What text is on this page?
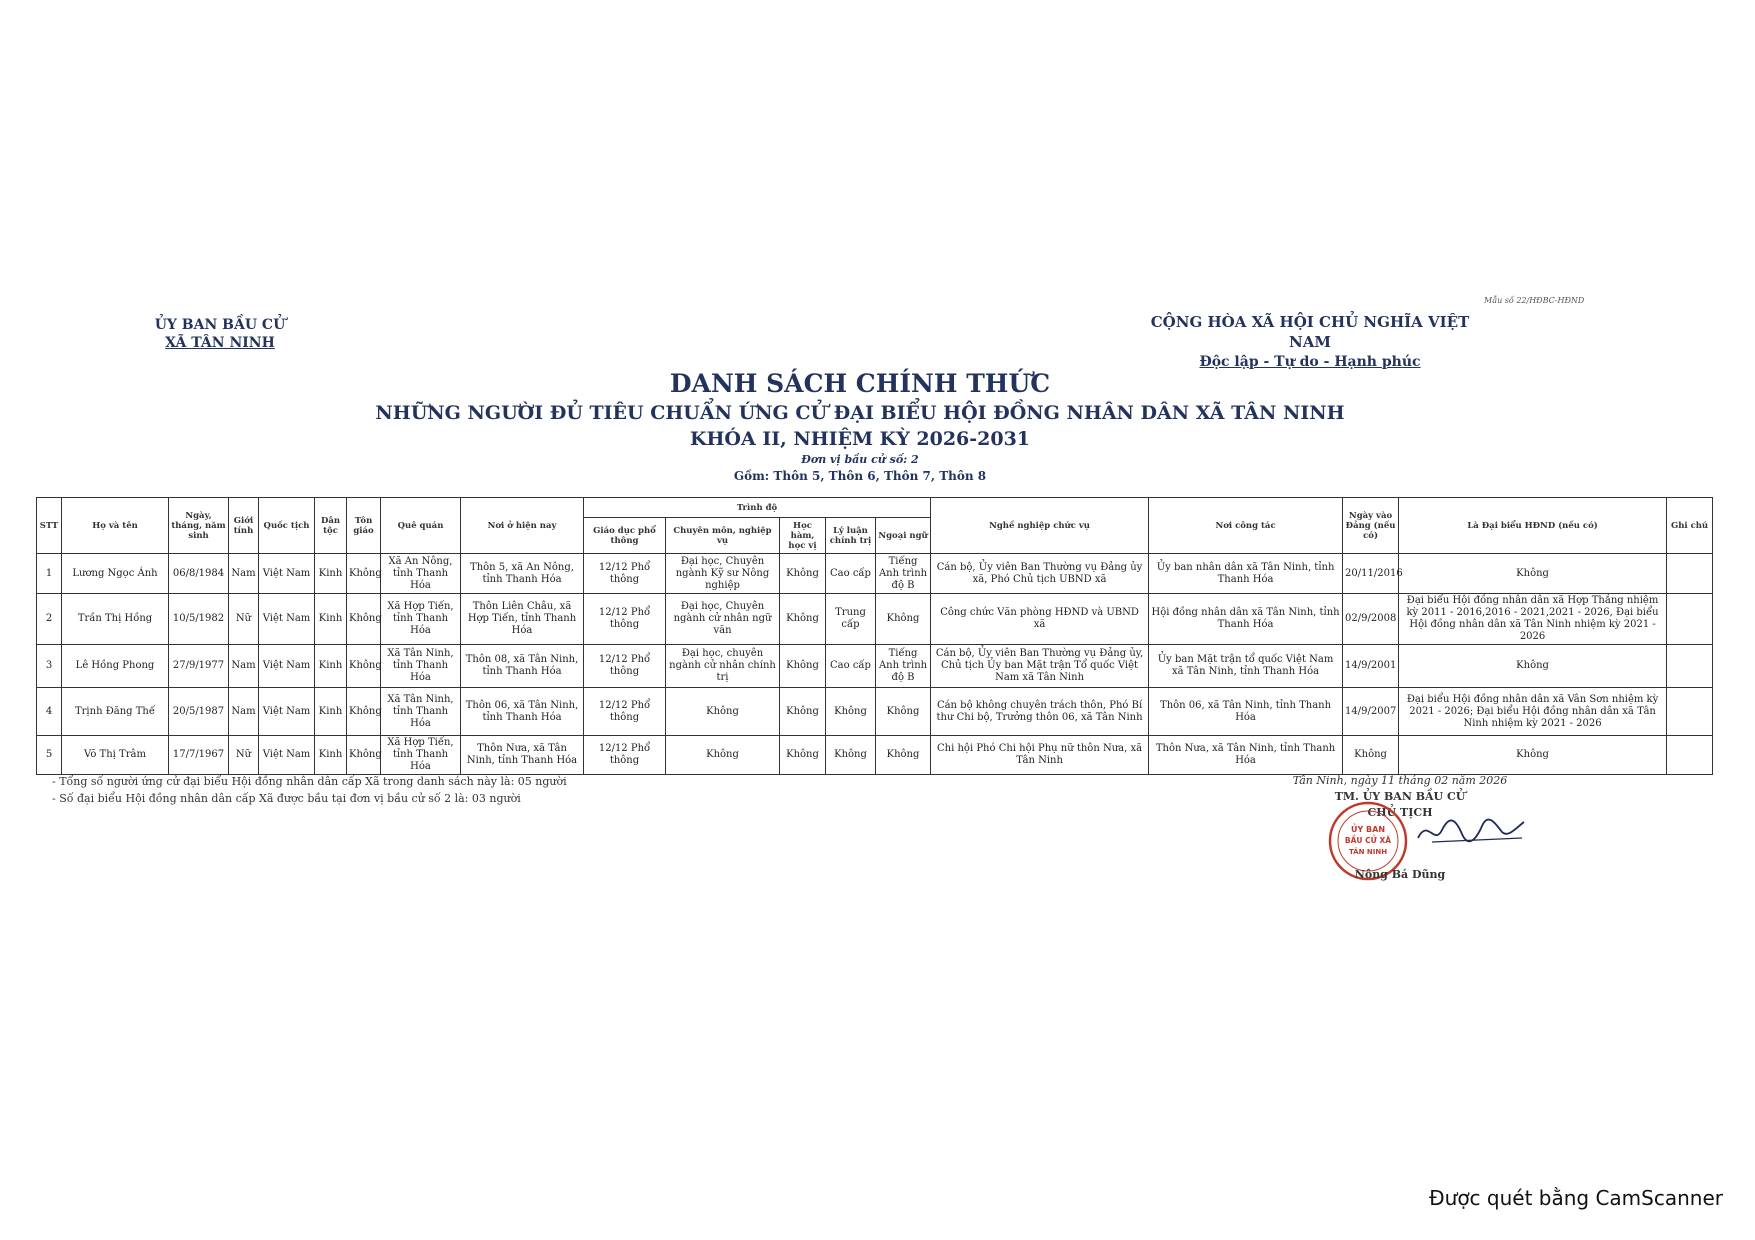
Mẫu số 22/HĐBC-HĐND
ỦY BAN BẦU CỬ
XÃ TÂN NINH
CỘNG HÒA XÃ HỘI CHỦ NGHĨA VIỆT NAM
Độc lập - Tự do - Hạnh phúc
DANH SÁCH CHÍNH THỨC
NHỮNG NGƯỜI ĐỦ TIÊU CHUẨN ỨNG CỬ ĐẠI BIỂU HỘI ĐỒNG NHÂN DÂN XÃ TÂN NINH
KHÓA II, NHIỆM KỲ 2026-2031
Đơn vị bầu cử số: 2
Gồm: Thôn 5, Thôn 6, Thôn 7, Thôn 8
STT	Họ và tên	Ngày, tháng, năm sinh	Giới tính	Quốc tịch	Dân tộc	Tôn giáo	Quê quán	Nơi ở hiện nay	Trình độ					Nghề nghiệp chức vụ	Nơi công tác	Ngày vào Đảng (nếu có)	Là Đại biểu HĐND (nếu có)	Ghi chú
									Giáo dục phổ thông	Chuyên môn, nghiệp vụ	Học hàm, học vị	Lý luận chính trị	Ngoại ngữ					
1	Lương Ngọc Ánh	06/8/1984	Nam	Việt Nam	Kinh	Không	Xã An Nông, tỉnh Thanh Hóa	Thôn 5, xã An Nông, tỉnh Thanh Hóa	12/12 Phổ thông	Đại học, Chuyên ngành Kỹ sư Nông nghiệp	Không	Cao cấp	Tiếng Anh trình độ B	Cán bộ, Ủy viên Ban Thường vụ Đảng ủy xã, Phó Chủ tịch UBND xã	Ủy ban nhân dân xã Tân Ninh, tỉnh Thanh Hóa	20/11/2016	Không	
2	Trần Thị Hồng	10/5/1982	Nữ	Việt Nam	Kinh	Không	Xã Hợp Tiến, tỉnh Thanh Hóa	Thôn Liên Châu, xã Hợp Tiến, tỉnh Thanh Hóa	12/12 Phổ thông	Đại học, Chuyên ngành cử nhân ngữ văn	Không	Trung cấp	Không	Công chức Văn phòng HĐND và UBND xã	Hội đồng nhân dân xã Tân Ninh, tỉnh Thanh Hóa	02/9/2008	Đại biểu Hội đồng nhân dân xã Hợp Thắng nhiệm kỳ 2011 - 2016,2016 - 2021,2021 - 2026, Đại biểu Hội đồng nhân dân xã Tân Ninh nhiệm kỳ 2021 - 2026	
3	Lê Hồng Phong	27/9/1977	Nam	Việt Nam	Kinh	Không	Xã Tân Ninh, tỉnh Thanh Hóa	Thôn 08, xã Tân Ninh, tỉnh Thanh Hóa	12/12 Phổ thông	Đại học, chuyên ngành cử nhân chính trị	Không	Cao cấp	Tiếng Anh trình độ B	Cán bộ, Ủy viên Ban Thường vụ Đảng ủy, Chủ tịch Ủy ban Mặt trận Tổ quốc Việt Nam xã Tân Ninh	Ủy ban Mặt trận tổ quốc Việt Nam xã Tân Ninh, tỉnh Thanh Hóa	14/9/2001	Không	
4	Trịnh Đăng Thế	20/5/1987	Nam	Việt Nam	Kinh	Không	Xã Tân Ninh, tỉnh Thanh Hóa	Thôn 06, xã Tân Ninh, tỉnh Thanh Hóa	12/12 Phổ thông	Không	Không	Không	Không	Cán bộ không chuyên trách thôn, Phó Bí thư Chi bộ, Trưởng thôn 06, xã Tân Ninh	Thôn 06, xã Tân Ninh, tỉnh Thanh Hóa	14/9/2007	Đại biểu Hội đồng nhân dân xã Vân Sơn nhiệm kỳ 2021 - 2026; Đại biểu Hội đồng nhân dân xã Tân Ninh nhiệm kỳ 2021 - 2026	
5	Võ Thị Trâm	17/7/1967	Nữ	Việt Nam	Kinh	Không	Xã Hợp Tiến, tỉnh Thanh Hóa	Thôn Nưa, xã Tân Ninh, tỉnh Thanh Hóa	12/12 Phổ thông	Không	Không	Không	Không	Chi hội Phó Chi hội Phụ nữ thôn Nưa, xã Tân Ninh	Thôn Nưa, xã Tân Ninh, tỉnh Thanh Hóa	Không	Không	
- Tổng số người ứng cử đại biểu Hội đồng nhân dân cấp Xã trong danh sách này là: 05 người
- Số đại biểu Hội đồng nhân dân cấp Xã được bầu tại đơn vị bầu cử số 2 là: 03 người
Tân Ninh, ngày 11 tháng 02 năm 2026
TM. ỦY BAN BẦU CỬ
CHỦ TỊCH
ỦY BAN
BẦU CỬ XÃ
TÂN NINH
Nông Bá Dũng
Được quét bằng CamScanner
